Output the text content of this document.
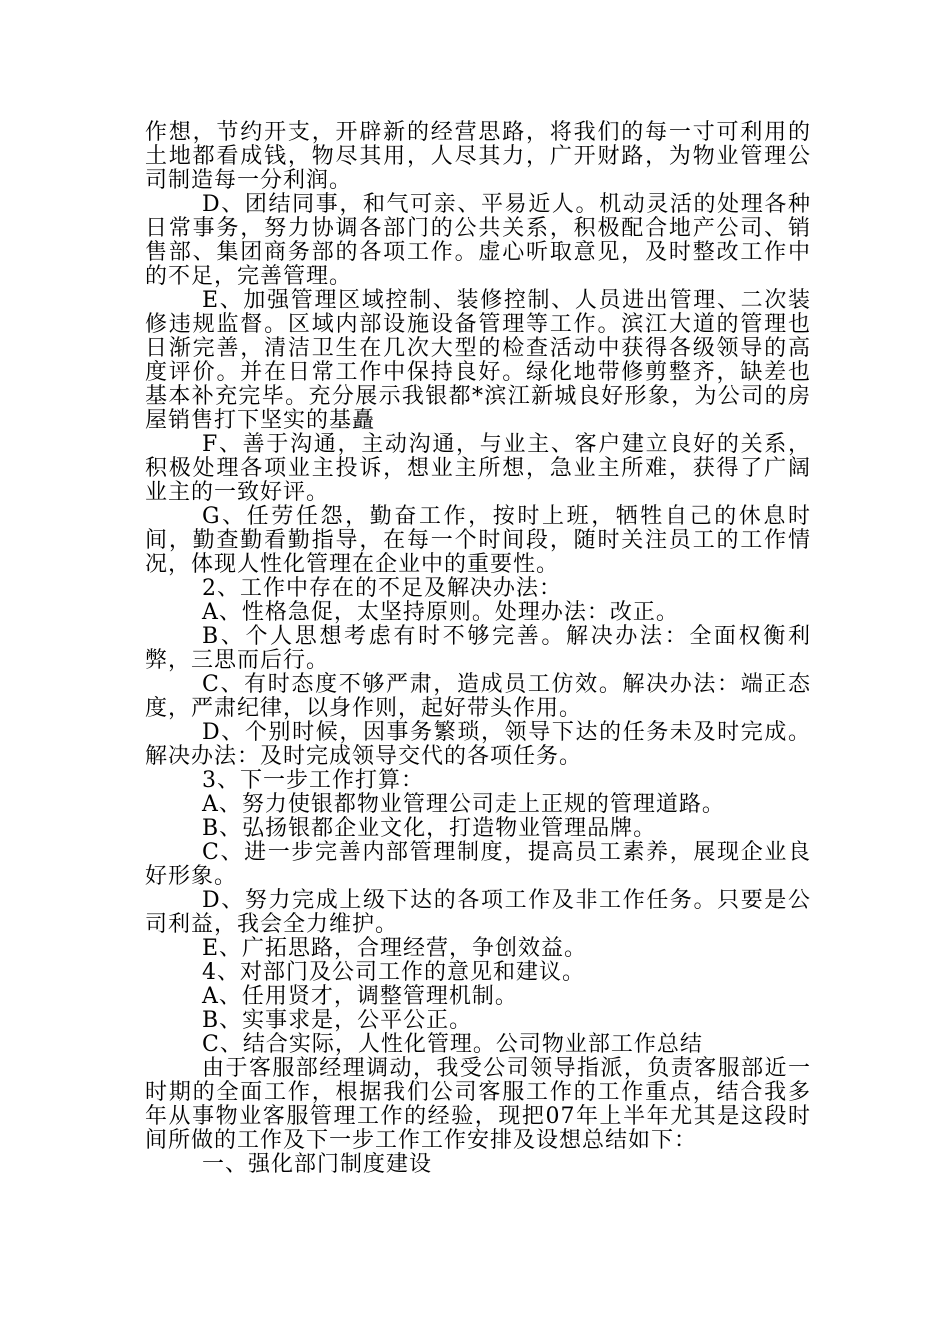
作想，节约开支，开辟新的经营思路，将我们的每一寸可利用的土地都看成钱，物尽其用，人尽其力，广开财路，为物业管理公司制造每一分利润。

D、团结同事，和气可亲、平易近人。机动灵活的处理各种日常事务，努力协调各部门的公共关系，积极配合地产公司、销售部、集团商务部的各项工作。虚心听取意见，及时整改工作中的不足，完善管理。

E、加强管理区域控制、装修控制、人员进出管理、二次装修违规监督。区域内部设施设备管理等工作。滨江大道的管理也日渐完善，清洁卫生在几次大型的检查活动中获得各级领导的高度评价。并在日常工作中保持良好。绿化地带修剪整齐，缺差也基本补充完毕。充分展示我银都*滨江新城良好形象，为公司的房屋销售打下坚实的基矗

F、善于沟通，主动沟通，与业主、客户建立良好的关系，积极处理各项业主投诉，想业主所想，急业主所难，获得了广阔业主的一致好评。

G、任劳任怨，勤奋工作，按时上班，牺牲自己的休息时间，勤查勤看勤指导，在每一个时间段，随时关注员工的工作情况，体现人性化管理在企业中的重要性。

2、工作中存在的不足及解决办法：

A、性格急促，太坚持原则。处理办法：改正。

B、个人思想考虑有时不够完善。解决办法：全面权衡利弊，三思而后行。

C、有时态度不够严肃，造成员工仿效。解决办法：端正态度，严肃纪律，以身作则，起好带头作用。

D、个别时候，因事务繁琐，领导下达的任务未及时完成。解决办法：及时完成领导交代的各项任务。

3、下一步工作打算：

A、努力使银都物业管理公司走上正规的管理道路。

B、弘扬银都企业文化，打造物业管理品牌。

C、进一步完善内部管理制度，提高员工素养，展现企业良好形象。

D、努力完成上级下达的各项工作及非工作任务。只要是公司利益，我会全力维护。

E、广拓思路，合理经营，争创效益。

4、对部门及公司工作的意见和建议。

A、任用贤才，调整管理机制。

B、实事求是，公平公正。

C、结合实际，人性化管理。公司物业部工作总结

由于客服部经理调动，我受公司领导指派，负责客服部近一时期的全面工作，根据我们公司客服工作的工作重点，结合我多年从事物业客服管理工作的经验，现把07年上半年尤其是这段时间所做的工作及下一步工作工作安排及设想总结如下：

一、强化部门制度建设
